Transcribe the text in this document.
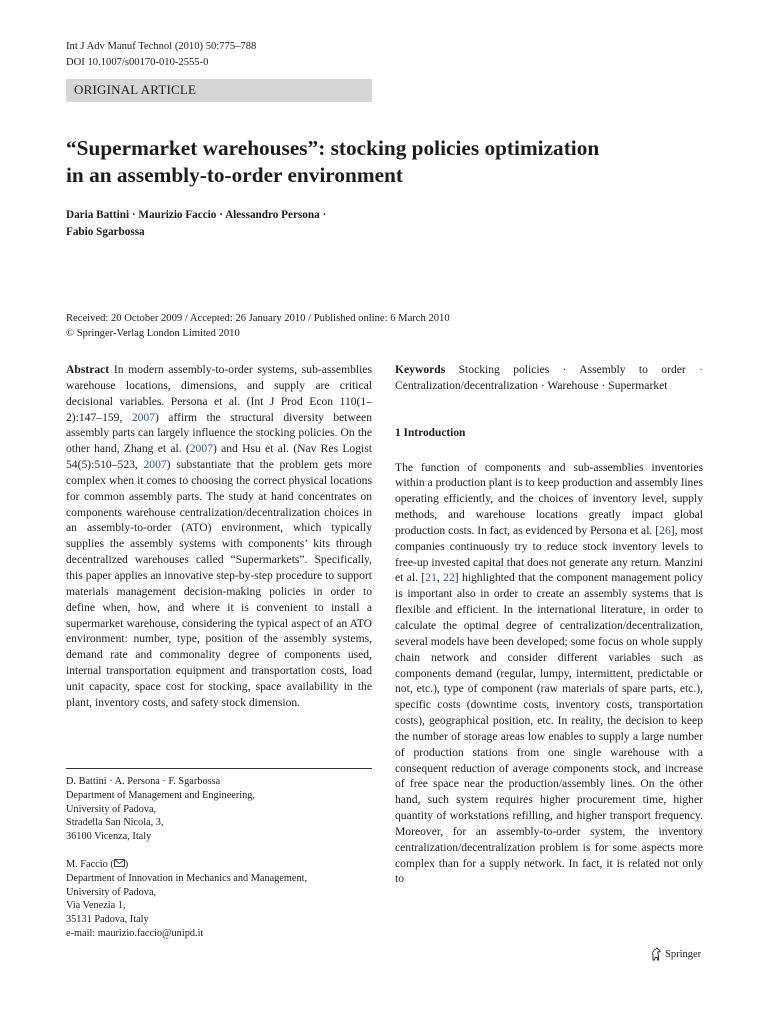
Int J Adv Manuf Technol (2010) 50:775–788
DOI 10.1007/s00170-010-2555-0
ORIGINAL ARTICLE
“Supermarket warehouses”: stocking policies optimization
in an assembly-to-order environment
Daria Battini · Maurizio Faccio · Alessandro Persona ·
Fabio Sgarbossa
Received: 20 October 2009 / Accepted: 26 January 2010 / Published online: 6 March 2010
© Springer-Verlag London Limited 2010

Abstract In modern assembly-to-order systems, sub-assemblies warehouse locations, dimensions, and supply are critical decisional variables. Persona et al. (Int J Prod Econ 110(1–2):147–159, 2007) affirm the structural diversity between assembly parts can largely influence the stocking policies. On the other hand, Zhang et al. (2007) and Hsu et al. (Nav Res Logist 54(5):510–523, 2007) substantiate that the problem gets more complex when it comes to choosing the correct physical locations for common assembly parts. The study at hand concentrates on components warehouse centralization/decentralization choices in an assembly-to-order (ATO) environment, which typically supplies the assembly systems with components’ kits through decentralized warehouses called “Supermarkets”. Specifically, this paper applies an innovative step-by-step procedure to support materials management decision-making policies in order to define when, how, and where it is convenient to install a supermarket warehouse, considering the typical aspect of an ATO environment: number, type, position of the assembly systems, demand rate and commonality degree of components used, internal transportation equipment and transportation costs, load unit capacity, space cost for stocking, space availability in the plant, inventory costs, and safety stock dimension.

D. Battini · A. Persona · F. Sgarbossa
Department of Management and Engineering,
University of Padova,
Stradella San Nicola, 3,
36100 Vicenza, Italy
M. Faccio ( )
Department of Innovation in Mechanics and Management,
University of Padova,
Via Venezia 1,
35131 Padova, Italy
e-mail: maurizio.faccio@unipd.it

Keywords Stocking policies · Assembly to order · Centralization/decentralization · Warehouse · Supermarket

1 Introduction

The function of components and sub-assemblies inventories within a production plant is to keep production and assembly lines operating efficiently, and the choices of inventory level, supply methods, and warehouse locations greatly impact global production costs. In fact, as evidenced by Persona et al. [26], most companies continuously try to reduce stock inventory levels to free-up invested capital that does not generate any return. Manzini et al. [21, 22] highlighted that the component management policy is important also in order to create an assembly systems that is flexible and efficient. In the international literature, in order to calculate the optimal degree of centralization/decentralization, several models have been developed; some focus on whole supply chain network and consider different variables such as components demand (regular, lumpy, intermittent, predictable or not, etc.), type of component (raw materials of spare parts, etc.), specific costs (downtime costs, inventory costs, transportation costs), geographical position, etc. In reality, the decision to keep the number of storage areas low enables to supply a large number of production stations from one single warehouse with a consequent reduction of average components stock, and increase of free space near the production/assembly lines. On the other hand, such system requires higher procurement time, higher quantity of workstations refilling, and higher transport frequency. Moreover, for an assembly-to-order system, the inventory centralization/decentralization problem is for some aspects more complex than for a supply network. In fact, it is related not only to

Springer
